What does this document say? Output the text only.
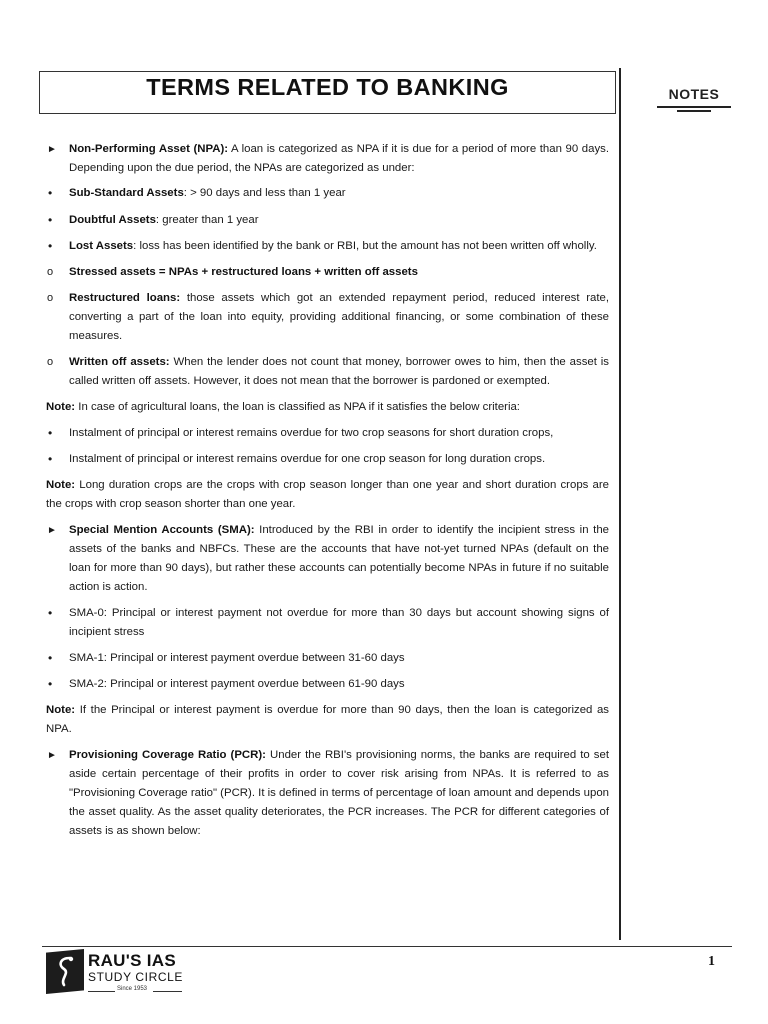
TERMS RELATED TO BANKING	NOTES
►	Non-Performing Asset (NPA): A loan is categorized as NPA if it is due for a period of more than 90 days. Depending upon the due period, the NPAs are categorized as under:
•	Sub-Standard Assets: > 90 days and less than 1 year
•	Doubtful Assets: greater than 1 year
•	Lost Assets: loss has been identified by the bank or RBI, but the amount has not been written off wholly.
o	Stressed assets = NPAs + restructured loans + written off assets
o	Restructured loans: those assets which got an extended repayment period, reduced interest rate, converting a part of the loan into equity, providing additional financing, or some combination of these measures.
o	Written off assets: When the lender does not count that money, borrower owes to him, then the asset is called written off assets. However, it does not mean that the borrower is pardoned or exempted.
Note: In case of agricultural loans, the loan is classified as NPA if it satisfies the below criteria:
•	Instalment of principal or interest remains overdue for two crop seasons for short duration crops,
•	Instalment of principal or interest remains overdue for one crop season for long duration crops.
Note: Long duration crops are the crops with crop season longer than one year and short duration crops are the crops with crop season shorter than one year.
►	Special Mention Accounts (SMA): Introduced by the RBI in order to identify the incipient stress in the assets of the banks and NBFCs. These are the accounts that have not-yet turned NPAs (default on the loan for more than 90 days), but rather these accounts can potentially become NPAs in future if no suitable action is action.
•	SMA-0: Principal or interest payment not overdue for more than 30 days but account showing signs of incipient stress
•	SMA-1: Principal or interest payment overdue between 31-60 days
•	SMA-2: Principal or interest payment overdue between 61-90 days
Note: If the Principal or interest payment is overdue for more than 90 days, then the loan is categorized as NPA.
►	Provisioning Coverage Ratio (PCR): Under the RBI's provisioning norms, the banks are required to set aside certain percentage of their profits in order to cover risk arising from NPAs. It is referred to as "Provisioning Coverage ratio" (PCR). It is defined in terms of percentage of loan amount and depends upon the asset quality. As the asset quality deteriorates, the PCR increases. The PCR for different categories of assets is as shown below:
RAU'S IAS
STUDY CIRCLE
Since 1953
1
